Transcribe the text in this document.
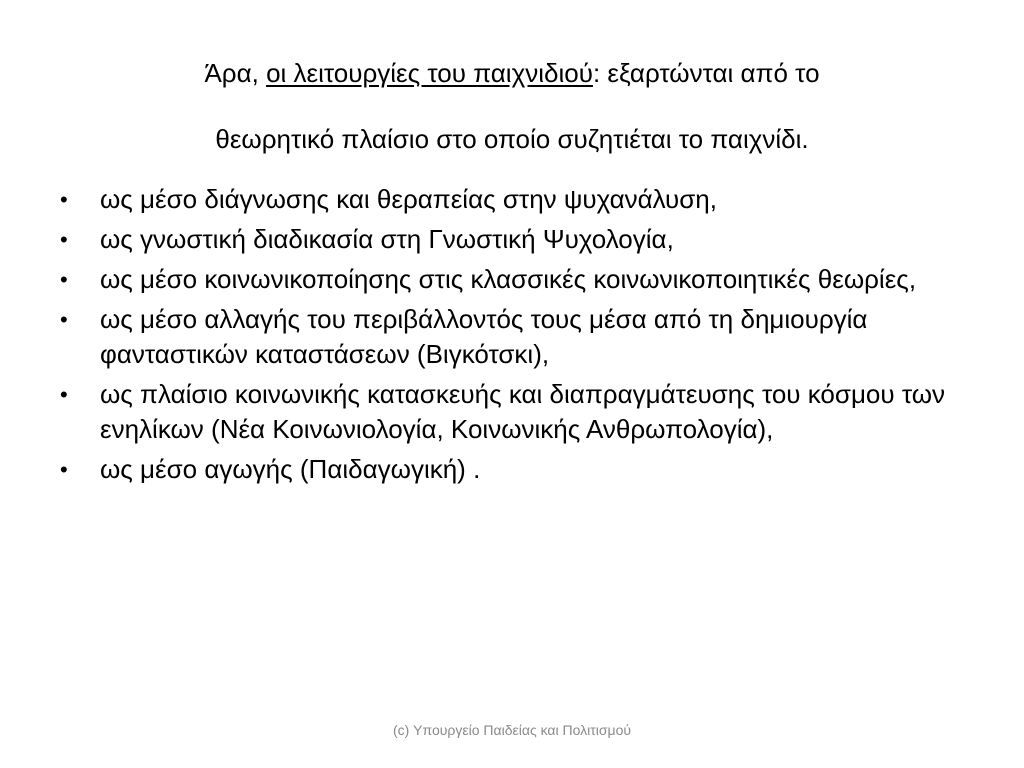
Άρα, οι λειτουργίες του παιχνιδιού: εξαρτώνται από το
θεωρητικό πλαίσιο στο οποίο συζητιέται το παιχνίδι.
•	ως μέσο διάγνωσης και θεραπείας στην ψυχανάλυση,
•	ως γνωστική διαδικασία στη Γνωστική Ψυχολογία,
•	ως μέσο κοινωνικοποίησης στις κλασσικές κοινωνικοποιητικές θεωρίες,
•	ως μέσο αλλαγής του περιβάλλοντός τους μέσα από τη δημιουργία φανταστικών καταστάσεων (Βιγκότσκι),
•	ως πλαίσιο κοινωνικής κατασκευής και διαπραγμάτευσης του κόσμου των ενηλίκων (Νέα Κοινωνιολογία, Κοινωνικής Ανθρωπολογία),
•	ως μέσο αγωγής (Παιδαγωγική) .
(c) Υπουργείο Παιδείας και Πολιτισμού
